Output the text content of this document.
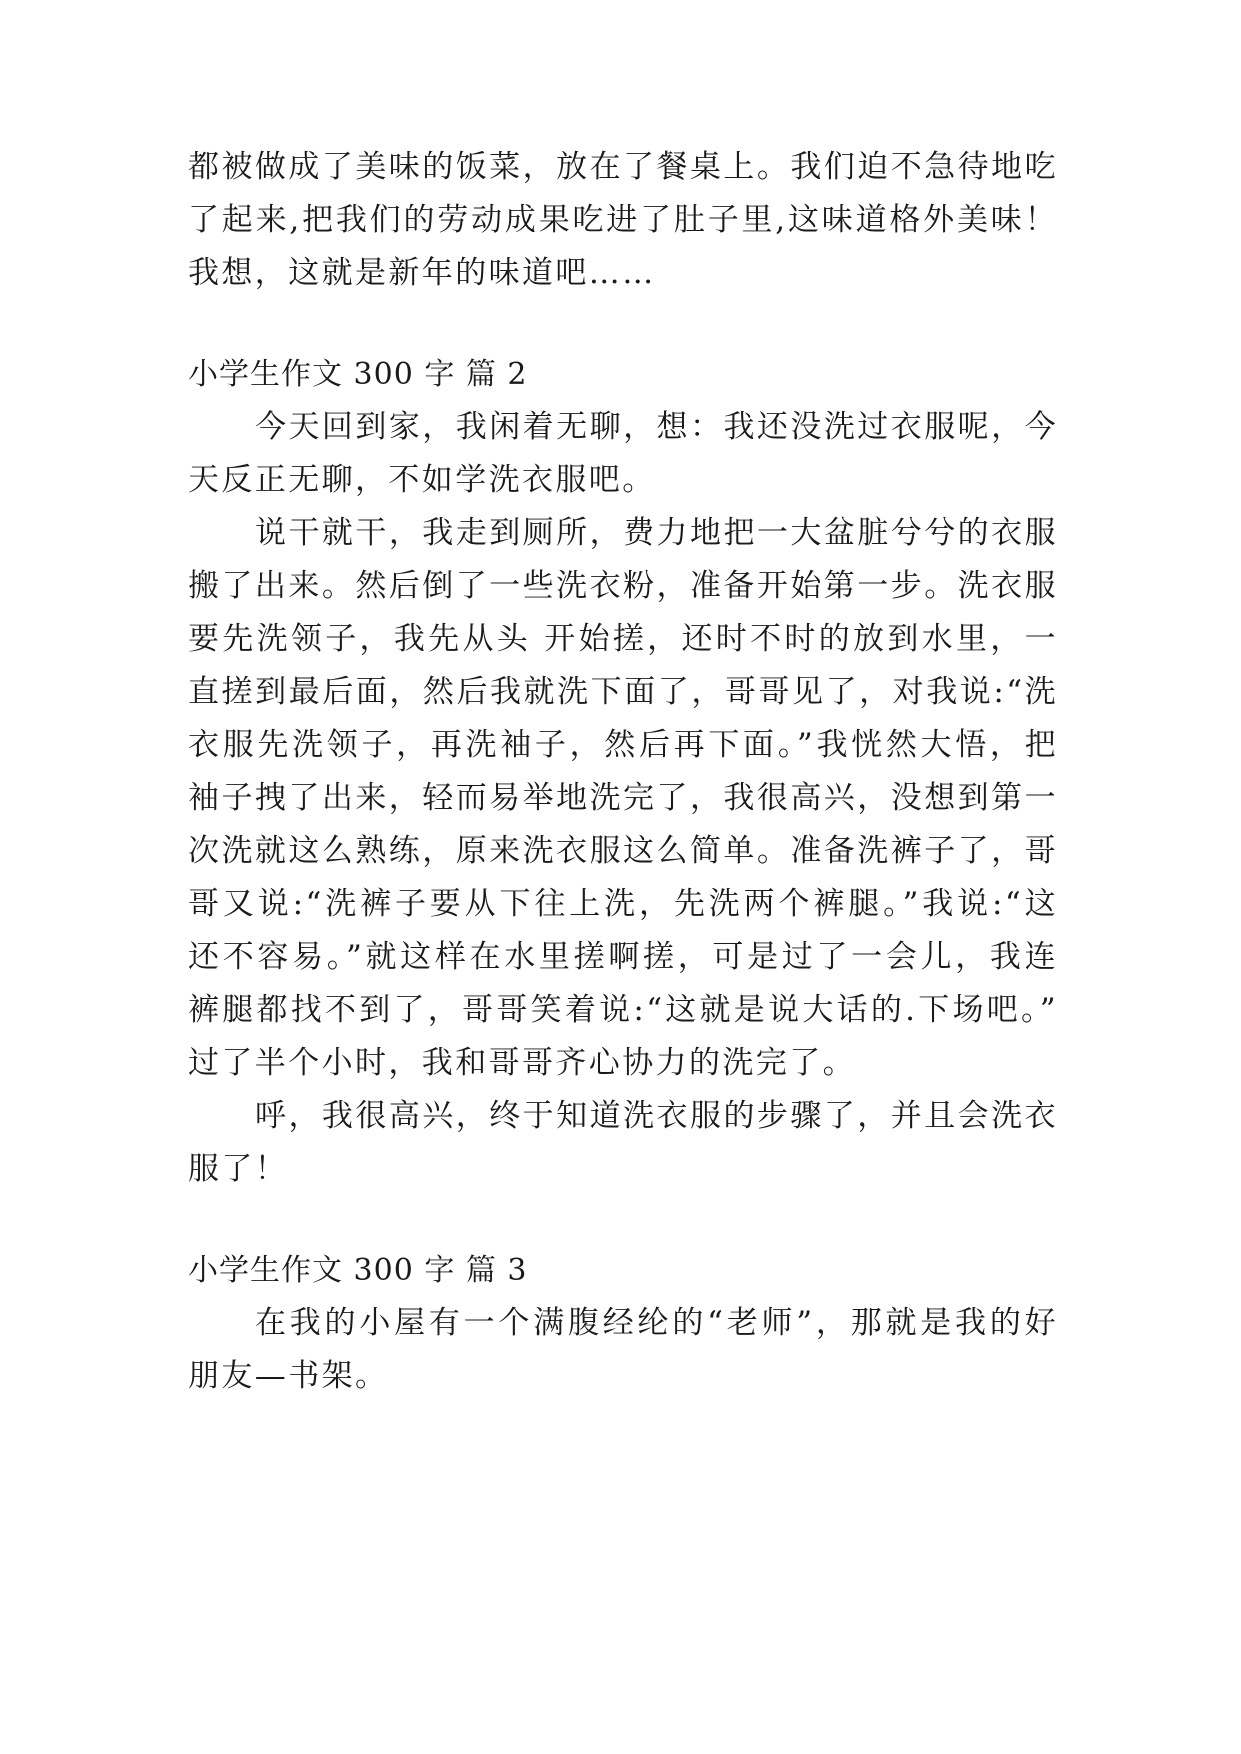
都被做成了美味的饭菜，放在了餐桌上。我们迫不急待地吃
了起来,把我们的劳动成果吃进了肚子里,这味道格外美味！
我想，这就是新年的味道吧……
小学生作文 300 字 篇 2
今天回到家，我闲着无聊，想：我还没洗过衣服呢，今
天反正无聊，不如学洗衣服吧。
说干就干，我走到厕所，费力地把一大盆脏兮兮的衣服
搬了出来。然后倒了一些洗衣粉，准备开始第一步。洗衣服
要先洗领子，我先从头 开始搓，还时不时的放到水里，一
直搓到最后面，然后我就洗下面了，哥哥见了，对我说:“洗
衣服先洗领子，再洗袖子，然后再下面。”我恍然大悟，把
袖子拽了出来，轻而易举地洗完了，我很高兴，没想到第一
次洗就这么熟练，原来洗衣服这么简单。准备洗裤子了，哥
哥又说:“洗裤子要从下往上洗，先洗两个裤腿。”我说:“这
还不容易。”就这样在水里搓啊搓，可是过了一会儿，我连
裤腿都找不到了，哥哥笑着说:“这就是说大话的.下场吧。”
过了半个小时，我和哥哥齐心协力的洗完了。
呼，我很高兴，终于知道洗衣服的步骤了，并且会洗衣
服了！
小学生作文 300 字 篇 3
在我的小屋有一个满腹经纶的“老师”，那就是我的好
朋友—书架。
